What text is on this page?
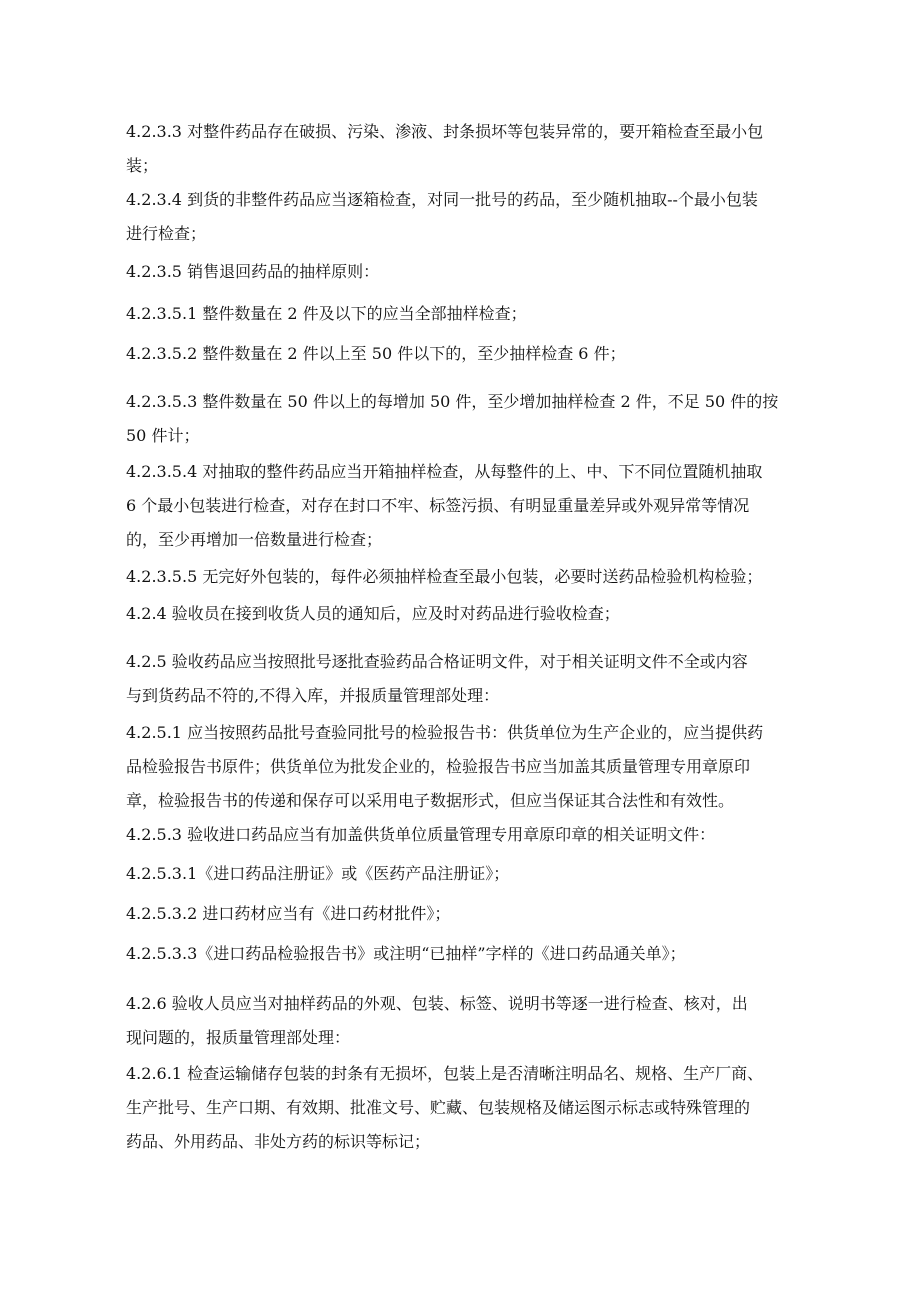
4.2.3.3 对整件药品存在破损、污染、渗液、封条损坏等包装异常的，要开箱检查至最小包
装；
4.2.3.4 到货的非整件药品应当逐箱检查，对同一批号的药品，至少随机抽取--个最小包装
进行检查；
4.2.3.5 销售退回药品的抽样原则：
4.2.3.5.1 整件数量在 2 件及以下的应当全部抽样检查；
4.2.3.5.2 整件数量在 2 件以上至 50 件以下的，至少抽样检查 6 件；
4.2.3.5.3 整件数量在 50 件以上的每增加 50 件，至少增加抽样检查 2 件，不足 50 件的按
50 件计；
4.2.3.5.4 对抽取的整件药品应当开箱抽样检查，从每整件的上、中、下不同位置随机抽取
6 个最小包装进行检查，对存在封口不牢、标签污损、有明显重量差异或外观异常等情况
的，至少再增加一倍数量进行检查；
4.2.3.5.5 无完好外包装的，每件必须抽样检查至最小包装，必要时送药品检验机构检验；
4.2.4 验收员在接到收货人员的通知后，应及时对药品进行验收检查；
4.2.5 验收药品应当按照批号逐批查验药品合格证明文件，对于相关证明文件不全或内容
与到货药品不符的,不得入库，并报质量管理部处理：
4.2.5.1 应当按照药品批号查验同批号的检验报告书：供货单位为生产企业的，应当提供药
品检验报告书原件；供货单位为批发企业的，检验报告书应当加盖其质量管理专用章原印
章，检验报告书的传递和保存可以采用电子数据形式，但应当保证其合法性和有效性。
4.2.5.3 验收进口药品应当有加盖供货单位质量管理专用章原印章的相关证明文件：
4.2.5.3.1《进口药品注册证》或《医药产品注册证》；
4.2.5.3.2 进口药材应当有《进口药材批件》；
4.2.5.3.3《进口药品检验报告书》或注明“已抽样”字样的《进口药品通关单》；
4.2.6 验收人员应当对抽样药品的外观、包装、标签、说明书等逐一进行检查、核对，出
现问题的，报质量管理部处理：
4.2.6.1 检查运输储存包装的封条有无损坏，包装上是否清晰注明品名、规格、生产厂商、
生产批号、生产口期、有效期、批准文号、贮藏、包装规格及储运图示标志或特殊管理的
药品、外用药品、非处方药的标识等标记；
